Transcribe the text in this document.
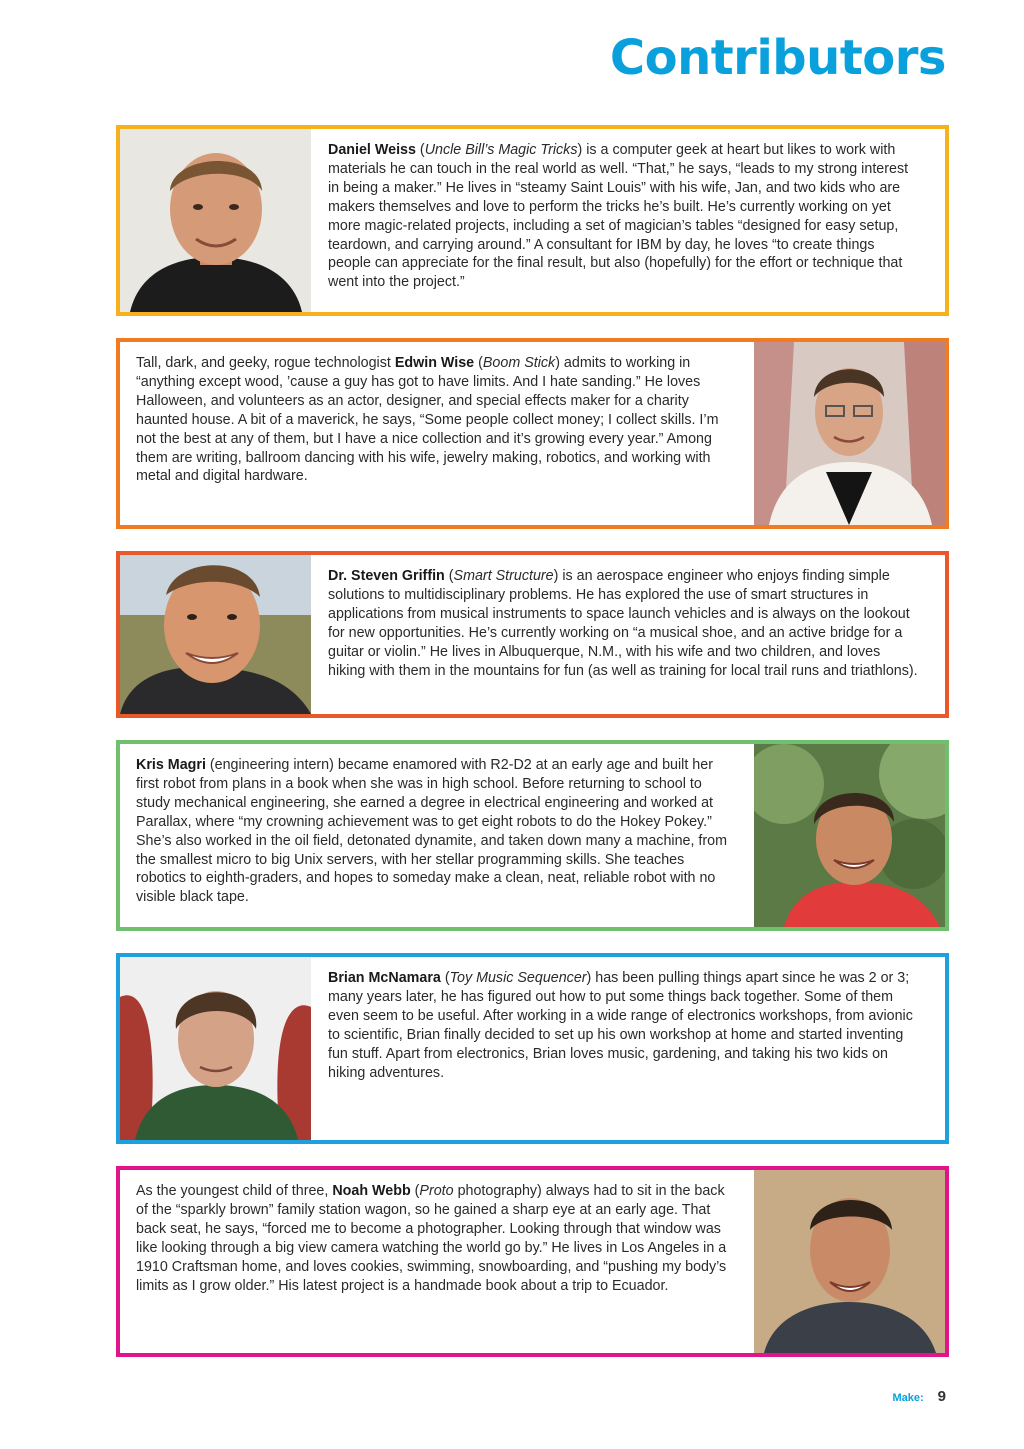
Contributors

Daniel Weiss (Uncle Bill’s Magic Tricks) is a computer geek at heart but likes to work with materials he can touch in the real world as well. “That,” he says, “leads to my strong interest in being a maker.” He lives in “steamy Saint Louis” with his wife, Jan, and two kids who are makers themselves and love to perform the tricks he’s built. He’s currently working on yet more magic-related projects, including a set of magician’s tables “designed for easy setup, teardown, and carrying around.” A consultant for IBM by day, he loves “to create things people can appreciate for the final result, but also (hopefully) for the effort or technique that went into the project.”

Tall, dark, and geeky, rogue technologist Edwin Wise (Boom Stick) admits to working in “anything except wood, ’cause a guy has got to have limits. And I hate sanding.” He loves Halloween, and volunteers as an actor, designer, and special effects maker for a charity haunted house. A bit of a maverick, he says, “Some people collect money; I collect skills. I’m not the best at any of them, but I have a nice collection and it’s growing every year.” Among them are writing, ballroom dancing with his wife, jewelry making, robotics, and working with metal and digital hardware.

Dr. Steven Griffin (Smart Structure) is an aerospace engineer who enjoys finding simple solutions to multidisciplinary problems. He has explored the use of smart structures in applications from musical instruments to space launch vehicles and is always on the lookout for new opportunities. He’s currently working on “a musical shoe, and an active bridge for a guitar or violin.” He lives in Albuquerque, N.M., with his wife and two children, and loves hiking with them in the mountains for fun (as well as training for local trail runs and triathlons).

Kris Magri (engineering intern) became enamored with R2-D2 at an early age and built her first robot from plans in a book when she was in high school. Before returning to school to study mechanical engineering, she earned a degree in electrical engineering and worked at Parallax, where “my crowning achievement was to get eight robots to do the Hokey Pokey.” She’s also worked in the oil field, detonated dynamite, and taken down many a machine, from the smallest micro to big Unix servers, with her stellar programming skills. She teaches robotics to eighth-graders, and hopes to someday make a clean, neat, reliable robot with no visible black tape.

Brian McNamara (Toy Music Sequencer) has been pulling things apart since he was 2 or 3; many years later, he has figured out how to put some things back together. Some of them even seem to be useful. After working in a wide range of electronics workshops, from avionic to scientific, Brian finally decided to set up his own workshop at home and started inventing fun stuff. Apart from electronics, Brian loves music, gardening, and taking his two kids on hiking adventures.

As the youngest child of three, Noah Webb (Proto photography) always had to sit in the back of the “sparkly brown” family station wagon, so he gained a sharp eye at an early age. That back seat, he says, “forced me to become a photographer. Looking through that window was like looking through a big view camera watching the world go by.” He lives in Los Angeles in a 1910 Craftsman home, and loves cookies, swimming, snowboarding, and “pushing my body’s limits as I grow older.” His latest project is a handmade book about a trip to Ecuador.

Make: 9
